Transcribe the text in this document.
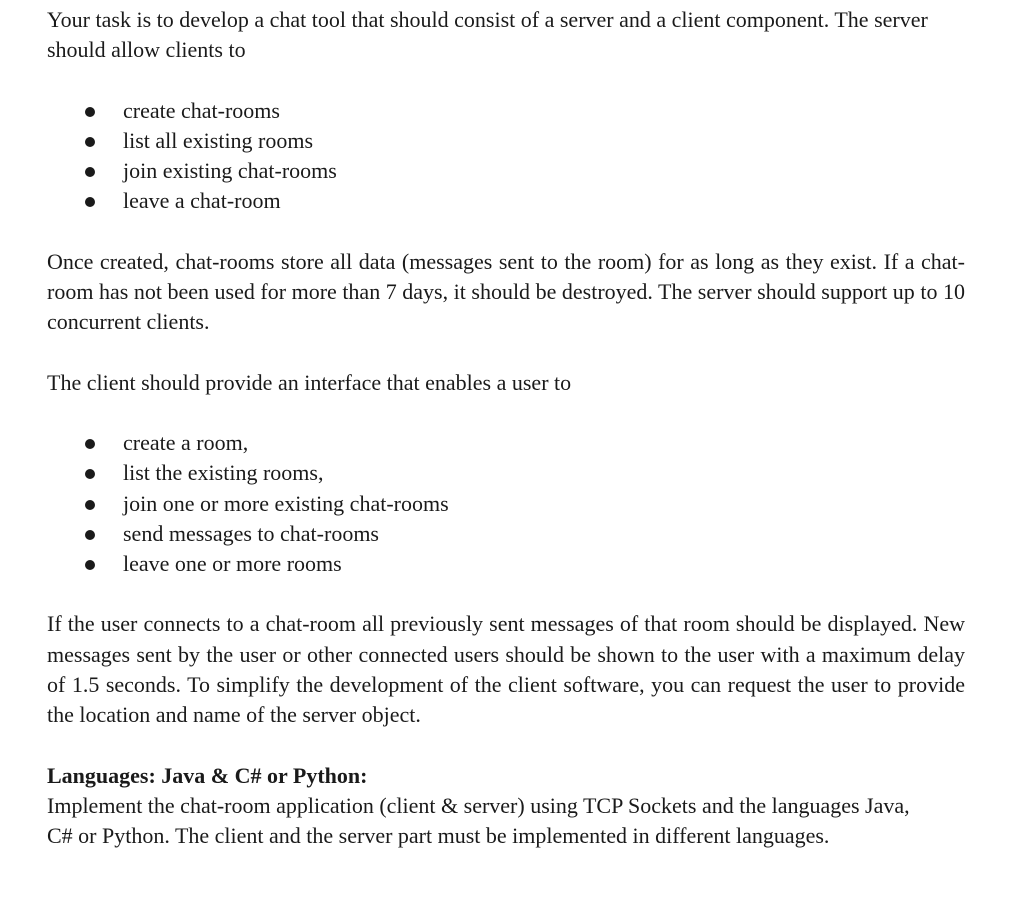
Your task is to develop a chat tool that should consist of a server and a client component. The server should allow clients to

create chat-rooms
list all existing rooms
join existing chat-rooms
leave a chat-room

Once created, chat-rooms store all data (messages sent to the room) for as long as they exist. If a chat-room has not been used for more than 7 days, it should be destroyed. The server should support up to 10 concurrent clients.

The client should provide an interface that enables a user to

create a room,
list the existing rooms,
join one or more existing chat-rooms
send messages to chat-rooms
leave one or more rooms

If the user connects to a chat-room all previously sent messages of that room should be displayed. New messages sent by the user or other connected users should be shown to the user with a maximum delay of 1.5 seconds. To simplify the development of the client software, you can request the user to provide the location and name of the server object.

Languages: Java & C# or Python:

Implement the chat-room application (client & server) using TCP Sockets and the languages Java, C# or Python. The client and the server part must be implemented in different languages.
